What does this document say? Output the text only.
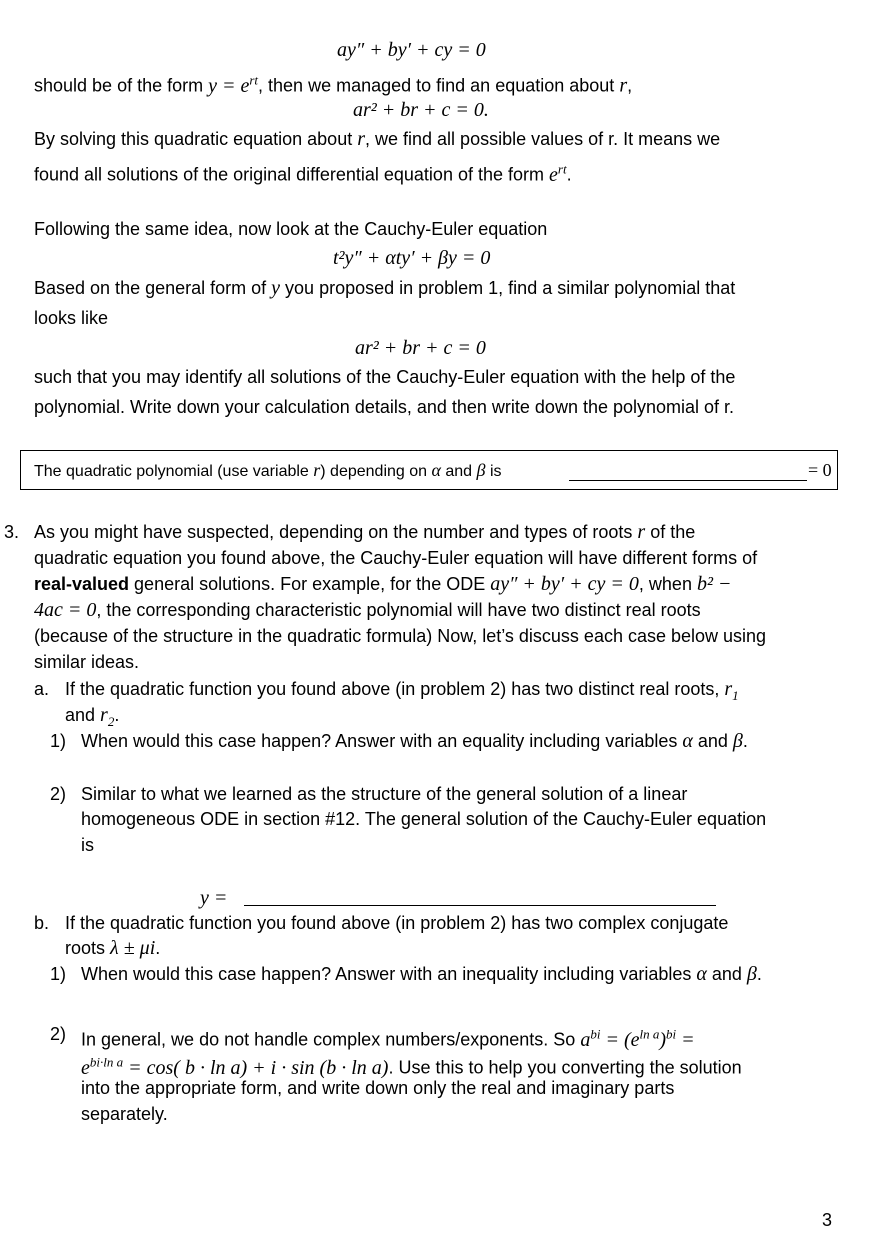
ay″ + by′ + cy = 0
should be of the form $y = e^{rt}$, then we managed to find an equation about r,
ar² + br + c = 0.
By solving this quadratic equation about r, we find all possible values of r. It means we
found all solutions of the original differential equation of the form $e^{rt}$.
Following the same idea, now look at the Cauchy-Euler equation
t²y″ + αty′ + βy = 0
Based on the general form of y you proposed in problem 1, find a similar polynomial that
looks like
ar² + br + c = 0
such that you may identify all solutions of the Cauchy-Euler equation with the help of the
polynomial. Write down your calculation details, and then write down the polynomial of r.
The quadratic polynomial (use variable r) depending on α and β is	= 0
3. As you might have suspected, depending on the number and types of roots r of the
quadratic equation you found above, the Cauchy-Euler equation will have different forms of
real-valued general solutions. For example, for the ODE ay″ + by′ + cy = 0, when b² −
4ac = 0, the corresponding characteristic polynomial will have two distinct real roots
(because of the structure in the quadratic formula) Now, let’s discuss each case below using
similar ideas.
a. If the quadratic function you found above (in problem 2) has two distinct real roots, $r_1$
and $r_2$.
1) When would this case happen? Answer with an equality including variables α and β.
2) Similar to what we learned as the structure of the general solution of a linear
homogeneous ODE in section #12. The general solution of the Cauchy-Euler equation
is
y =
b. If the quadratic function you found above (in problem 2) has two complex conjugate
roots λ ± μi.
1) When would this case happen? Answer with an inequality including variables α and β.
2) In general, we do not handle complex numbers/exponents. So $a^{bi} = (e^{ln a})^{bi}$ =
$e^{bi\cdot ln a} = \cos$( b · ln a) + i · sin (b · ln a). Use this to help you converting the solution
into the appropriate form, and write down only the real and imaginary parts
separately.
3
